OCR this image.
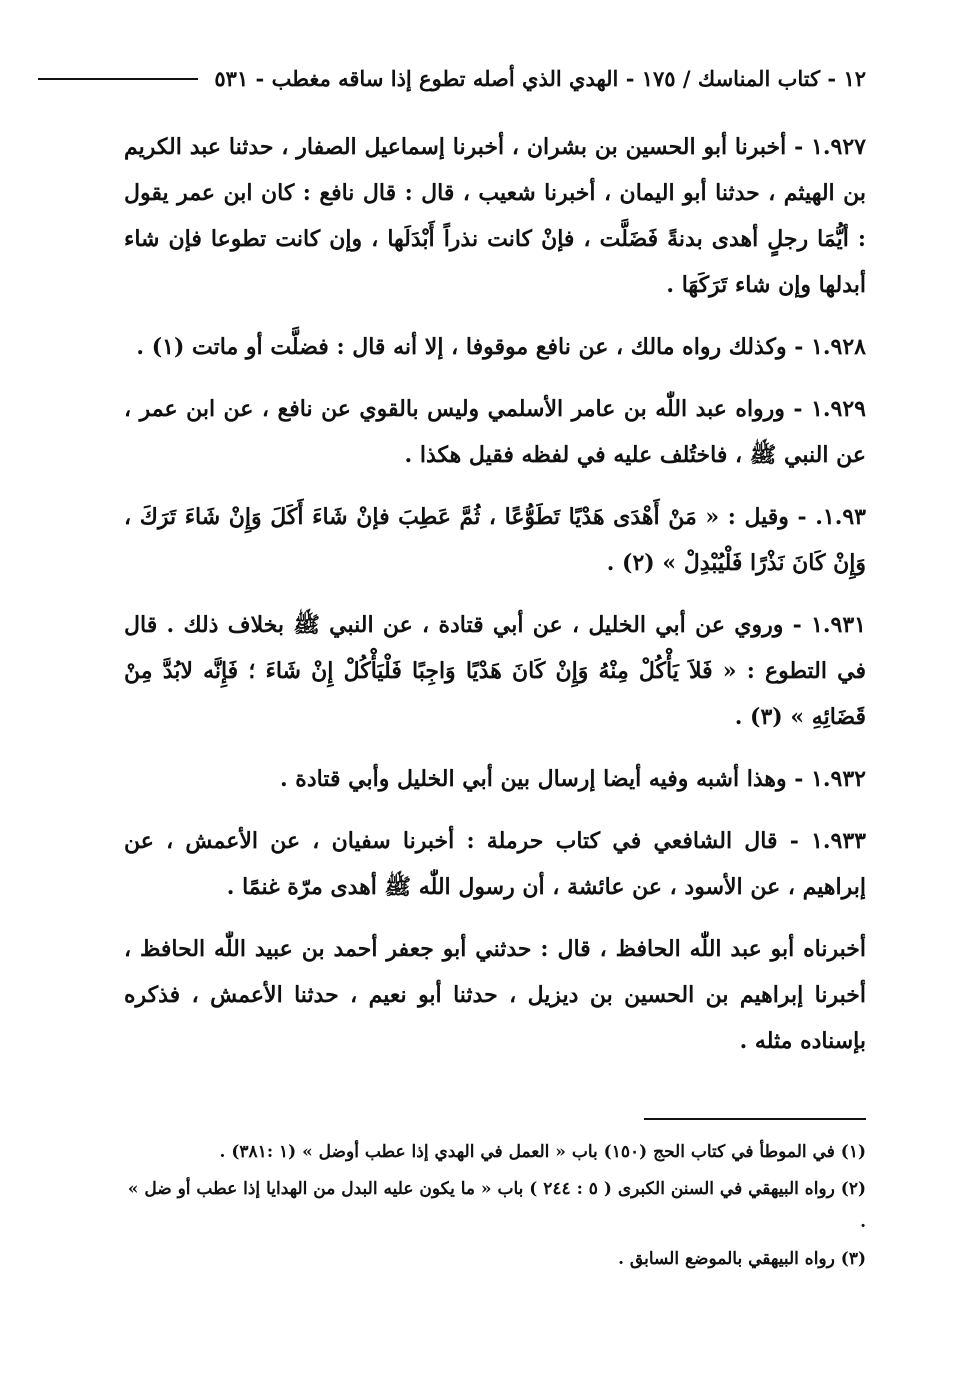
١٢ - كتاب المناسك / ١٧٥ - الهدي الذي أصله تطوع إذا ساقه مغطب - ٥٣١

١.٩٢٧ - أخبرنا أبو الحسين بن بشران ، أخبرنا إسماعيل الصفار ، حدثنا عبد الكريم بن الهيثم ، حدثنا أبو اليمان ، أخبرنا شعيب ، قال : قال نافع : كان ابن عمر يقول : أيُّمَا رجلٍ أهدى بدنةً فَضَلَّت ، فإنْ كانت نذراً أَبْدَلَها ، وإن كانت تطوعا فإن شاء أبدلها وإن شاء تَرَكَهَا .

١.٩٢٨ - وكذلك رواه مالك ، عن نافع موقوفا ، إلا أنه قال : فضلَّت أو ماتت (١) .

١.٩٢٩ - ورواه عبد اللّٰه بن عامر الأسلمي وليس بالقوي عن نافع ، عن ابن عمر ، عن النبي ﷺ ، فاختُلف عليه في لفظه فقيل هكذا .

١.٩٣. - وقيل : « مَنْ أَهْدَى هَدْيًا تَطَوُّعًا ، ثُمَّ عَطِبَ فإنْ شَاءَ أَكَلَ وَإِنْ شَاءَ تَرَكَ ، وَإِنْ كَانَ نَذْرًا فَلْيُبْدِلْ » (٢) .

١.٩٣١ - وروي عن أبي الخليل ، عن أبي قتادة ، عن النبي ﷺ بخلاف ذلك . قال في التطوع : « فَلاَ يَأْكُلْ مِنْهُ وَإِنْ كَانَ هَدْيًا وَاجِبًا فَلْيَأْكُلْ إِنْ شَاءَ ؛ فَإِنَّه لابُدَّ مِنْ قَضَائِهِ » (٣) .

١.٩٣٢ - وهذا أشبه وفيه أيضا إرسال بين أبي الخليل وأبي قتادة .

١.٩٣٣ - قال الشافعي في كتاب حرملة : أخبرنا سفيان ، عن الأعمش ، عن إبراهيم ، عن الأسود ، عن عائشة ، أن رسول اللّٰه ﷺ أهدى مرّة غنمًا .

أخبرناه أبو عبد اللّٰه الحافظ ، قال : حدثني أبو جعفر أحمد بن عبيد اللّٰه الحافظ ، أخبرنا إبراهيم بن الحسين بن ديزيل ، حدثنا أبو نعيم ، حدثنا الأعمش ، فذكره بإسناده مثله .

(١) في الموطأ في كتاب الحج (١٥٠) باب « العمل في الهدي إذا عطب أوضل » (١ :٣٨١) .

(٢) رواه البيهقي في السنن الكبرى ( ٥ : ٢٤٤ ) باب « ما يكون عليه البدل من الهدايا إذا عطب أو ضل » .

(٣) رواه البيهقي بالموضع السابق .
